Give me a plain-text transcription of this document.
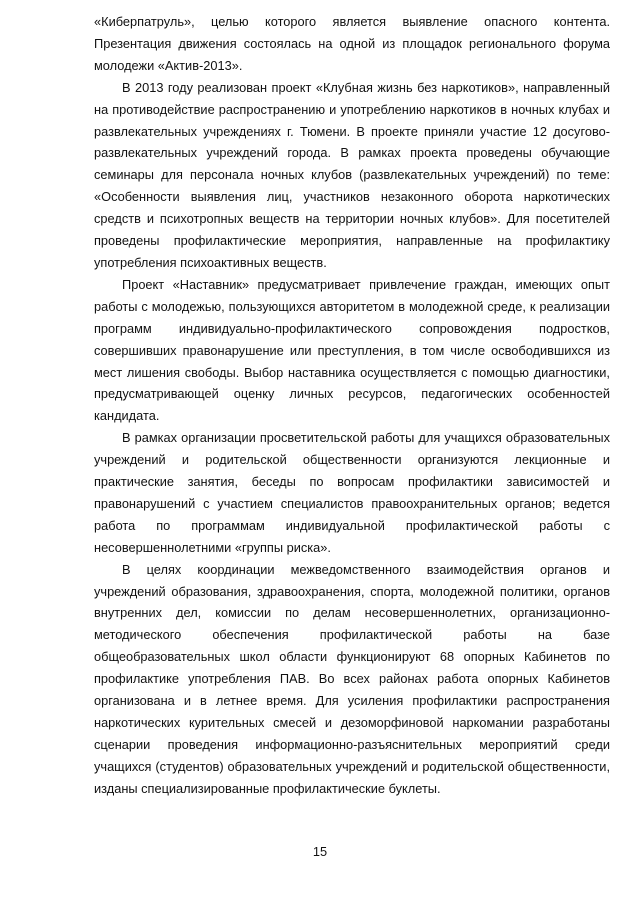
«Киберпатруль», целью которого является выявление опасного контента. Презентация движения состоялась на одной из площадок регионального форума молодежи «Актив-2013».

В 2013 году реализован проект «Клубная жизнь без наркотиков», направленный на противодействие распространению и употреблению наркотиков в ночных клубах и развлекательных учреждениях г. Тюмени. В проекте приняли участие 12 досугово-развлекательных учреждений города. В рамках проекта проведены обучающие семинары для персонала ночных клубов (развлекательных учреждений) по теме: «Особенности выявления лиц, участников незаконного оборота наркотических средств и психотропных веществ на территории ночных клубов». Для посетителей проведены профилактические мероприятия, направленные на профилактику употребления психоактивных веществ.

Проект «Наставник» предусматривает привлечение граждан, имеющих опыт работы с молодежью, пользующихся авторитетом в молодежной среде, к реализации программ индивидуально-профилактического сопровождения подростков, совершивших правонарушение или преступления, в том числе освободившихся из мест лишения свободы. Выбор наставника осуществляется с помощью диагностики, предусматривающей оценку личных ресурсов, педагогических особенностей кандидата.

В рамках организации просветительской работы для учащихся образовательных учреждений и родительской общественности организуются лекционные и практические занятия, беседы по вопросам профилактики зависимостей и правонарушений с участием специалистов правоохранительных органов; ведется работа по программам индивидуальной профилактической работы с несовершеннолетними «группы риска».

В целях координации межведомственного взаимодействия органов и учреждений образования, здравоохранения, спорта, молодежной политики, органов внутренних дел, комиссии по делам несовершеннолетних, организационно-методического обеспечения профилактической работы на базе общеобразовательных школ области функционируют 68 опорных Кабинетов по профилактике употребления ПАВ. Во всех районах работа опорных Кабинетов организована и в летнее время. Для усиления профилактики распространения наркотических курительных смесей и дезоморфиновой наркомании разработаны сценарии проведения информационно-разъяснительных мероприятий среди учащихся (студентов) образовательных учреждений и родительской общественности, изданы специализированные профилактические буклеты.

15
